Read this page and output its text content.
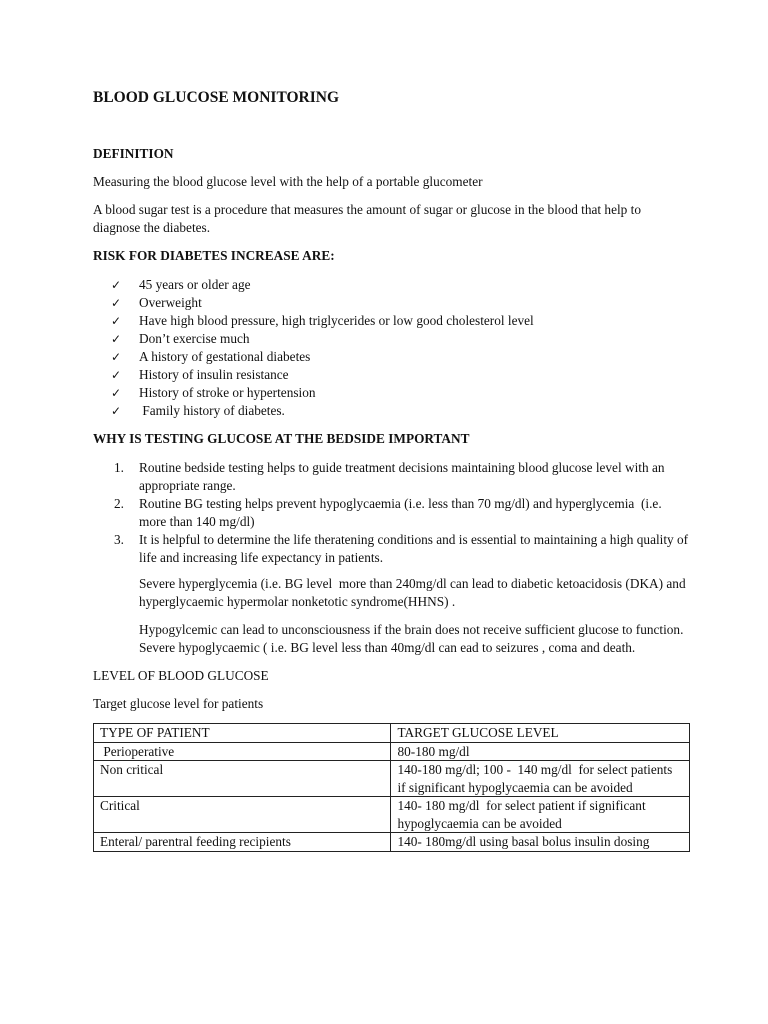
BLOOD GLUCOSE MONITORING
DEFINITION

Measuring the blood glucose level with the help of a portable glucometer

A blood sugar test is a procedure that measures the amount of sugar or glucose in the blood that help to diagnose the diabetes.

RISK FOR DIABETES INCREASE ARE:
✓ 45 years or older age
✓ Overweight
✓ Have high blood pressure, high triglycerides or low good cholesterol level
✓ Don’t exercise much
✓ A history of gestational diabetes
✓ History of insulin resistance
✓ History of stroke or hypertension
✓ Family history of diabetes.
WHY IS TESTING GLUCOSE AT THE BEDSIDE IMPORTANT
1. Routine bedside testing helps to guide treatment decisions maintaining blood glucose level with an appropriate range.
2. Routine BG testing helps prevent hypoglycaemia (i.e. less than 70 mg/dl) and hyperglycemia  (i.e. more than 140 mg/dl)
3. It is helpful to determine the life theratening conditions and is essential to maintaining a high quality of life and increasing life expectancy in patients.

Severe hyperglycemia (i.e. BG level  more than 240mg/dl can lead to diabetic ketoacidosis (DKA) and hyperglycaemic hypermolar nonketotic syndrome(HHNS) .

Hypogylcemic can lead to unconsciousness if the brain does not receive sufficient glucose to function. Severe hypoglycaemic ( i.e. BG level less than 40mg/dl can ead to seizures , coma and death.

LEVEL OF BLOOD GLUCOSE

Target glucose level for patients

TYPE OF PATIENT	TARGET GLUCOSE LEVEL
Perioperative	80-180 mg/dl
Non critical	140-180 mg/dl; 100 -  140 mg/dl  for select patients if significant hypoglycaemia can be avoided
Critical	140- 180 mg/dl  for select patient if significant hypoglycaemia can be avoided
Enteral/ parentral feeding recipients	140- 180mg/dl using basal bolus insulin dosing
